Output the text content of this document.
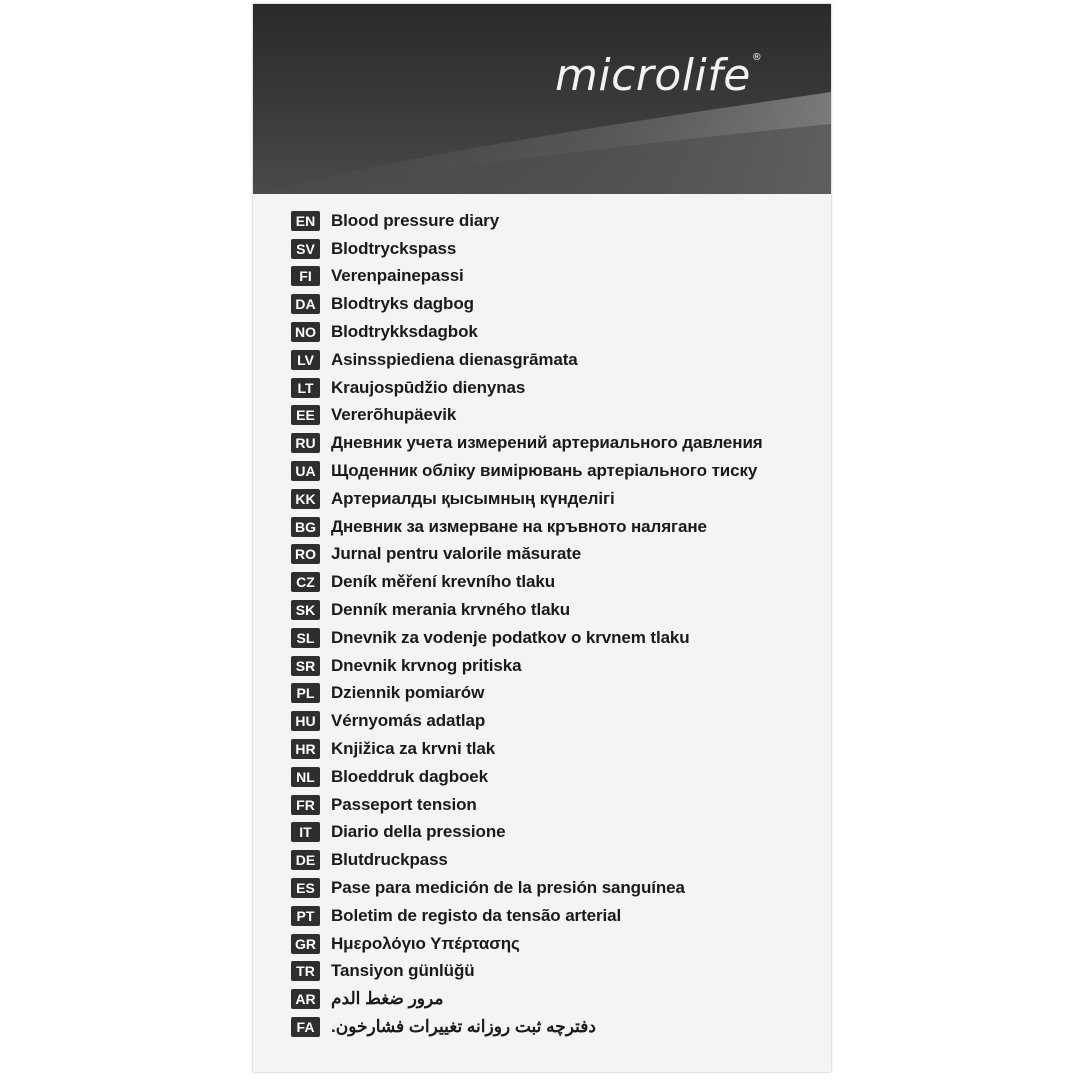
microlife®
EN Blood pressure diary
SV Blodtryckspass
FI	Verenpainepassi
DA Blodtryks dagbog
NO Blodtrykksdagbok
LV	Asinsspiediena dienasgrāmata
LT	Kraujospūdžio dienynas
EE Vererõhupäevik
RU Дневник учета измерений артериального давления
UA Щоденник обліку вимірювань артеріального тиску
KK Артериалды қысымның күнделігі
BG Дневник за измерване на кръвното налягане
RO Jurnal pentru valorile măsurate
CZ Deník měření krevního tlaku
SK Denník merania krvného tlaku
SL Dnevnik za vodenje podatkov o krvnem tlaku
SR Dnevnik krvnog pritiska
PL Dziennik pomiarów
HU Vérnyomás adatlap
HR Knjižica za krvni tlak
NL Bloeddruk dagboek
FR Passeport tension
IT	Diario della pressione
DE Blutdruckpass
ES Pase para medición de la presión sanguínea
PT Boletim de registo da tensão arterial
GR Ημερολόγιο Υπέρτασης
TR Tansiyon günlüğü
AR مرور ضغط الدم
FA دفترچه ثبت روزانه تغييرات فشارخون.
